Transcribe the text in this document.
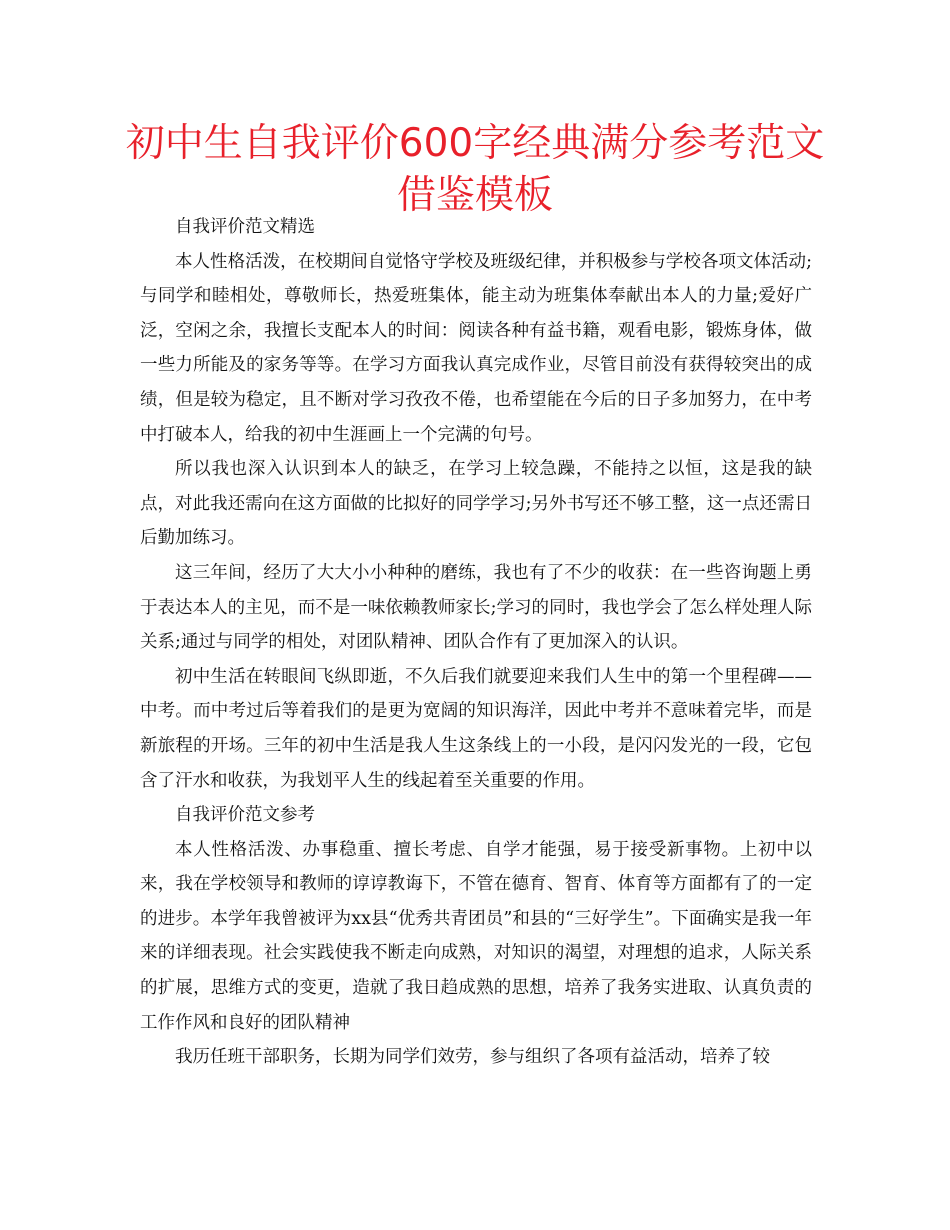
初中生自我评价600字经典满分参考范文
借鉴模板

自我评价范文精选

本人性格活泼，在校期间自觉恪守学校及班级纪律，并积极参与学校各项文体活动;与同学和睦相处，尊敬师长，热爱班集体，能主动为班集体奉献出本人的力量;爱好广泛，空闲之余，我擅长支配本人的时间：阅读各种有益书籍，观看电影，锻炼身体，做一些力所能及的家务等等。在学习方面我认真完成作业，尽管目前没有获得较突出的成绩，但是较为稳定，且不断对学习孜孜不倦，也希望能在今后的日子多加努力，在中考中打破本人，给我的初中生涯画上一个完满的句号。

所以我也深入认识到本人的缺乏，在学习上较急躁，不能持之以恒，这是我的缺点，对此我还需向在这方面做的比拟好的同学学习;另外书写还不够工整，这一点还需日后勤加练习。

这三年间，经历了大大小小种种的磨练，我也有了不少的收获：在一些咨询题上勇于表达本人的主见，而不是一味依赖教师家长;学习的同时，我也学会了怎么样处理人际关系;通过与同学的相处，对团队精神、团队合作有了更加深入的认识。

初中生活在转眼间飞纵即逝，不久后我们就要迎来我们人生中的第一个里程碑——中考。而中考过后等着我们的是更为宽阔的知识海洋，因此中考并不意味着完毕，而是新旅程的开场。三年的初中生活是我人生这条线上的一小段，是闪闪发光的一段，它包含了汗水和收获，为我划平人生的线起着至关重要的作用。

自我评价范文参考

本人性格活泼、办事稳重、擅长考虑、自学才能强，易于接受新事物。上初中以来，我在学校领导和教师的谆谆教诲下，不管在德育、智育、体育等方面都有了的一定的进步。本学年我曾被评为xx县“优秀共青团员”和县的“三好学生”。下面确实是我一年来的详细表现。社会实践使我不断走向成熟，对知识的渴望，对理想的追求，人际关系的扩展，思维方式的变更，造就了我日趋成熟的思想，培养了我务实进取、认真负责的工作作风和良好的团队精神

我历任班干部职务，长期为同学们效劳，参与组织了各项有益活动，培养了较
